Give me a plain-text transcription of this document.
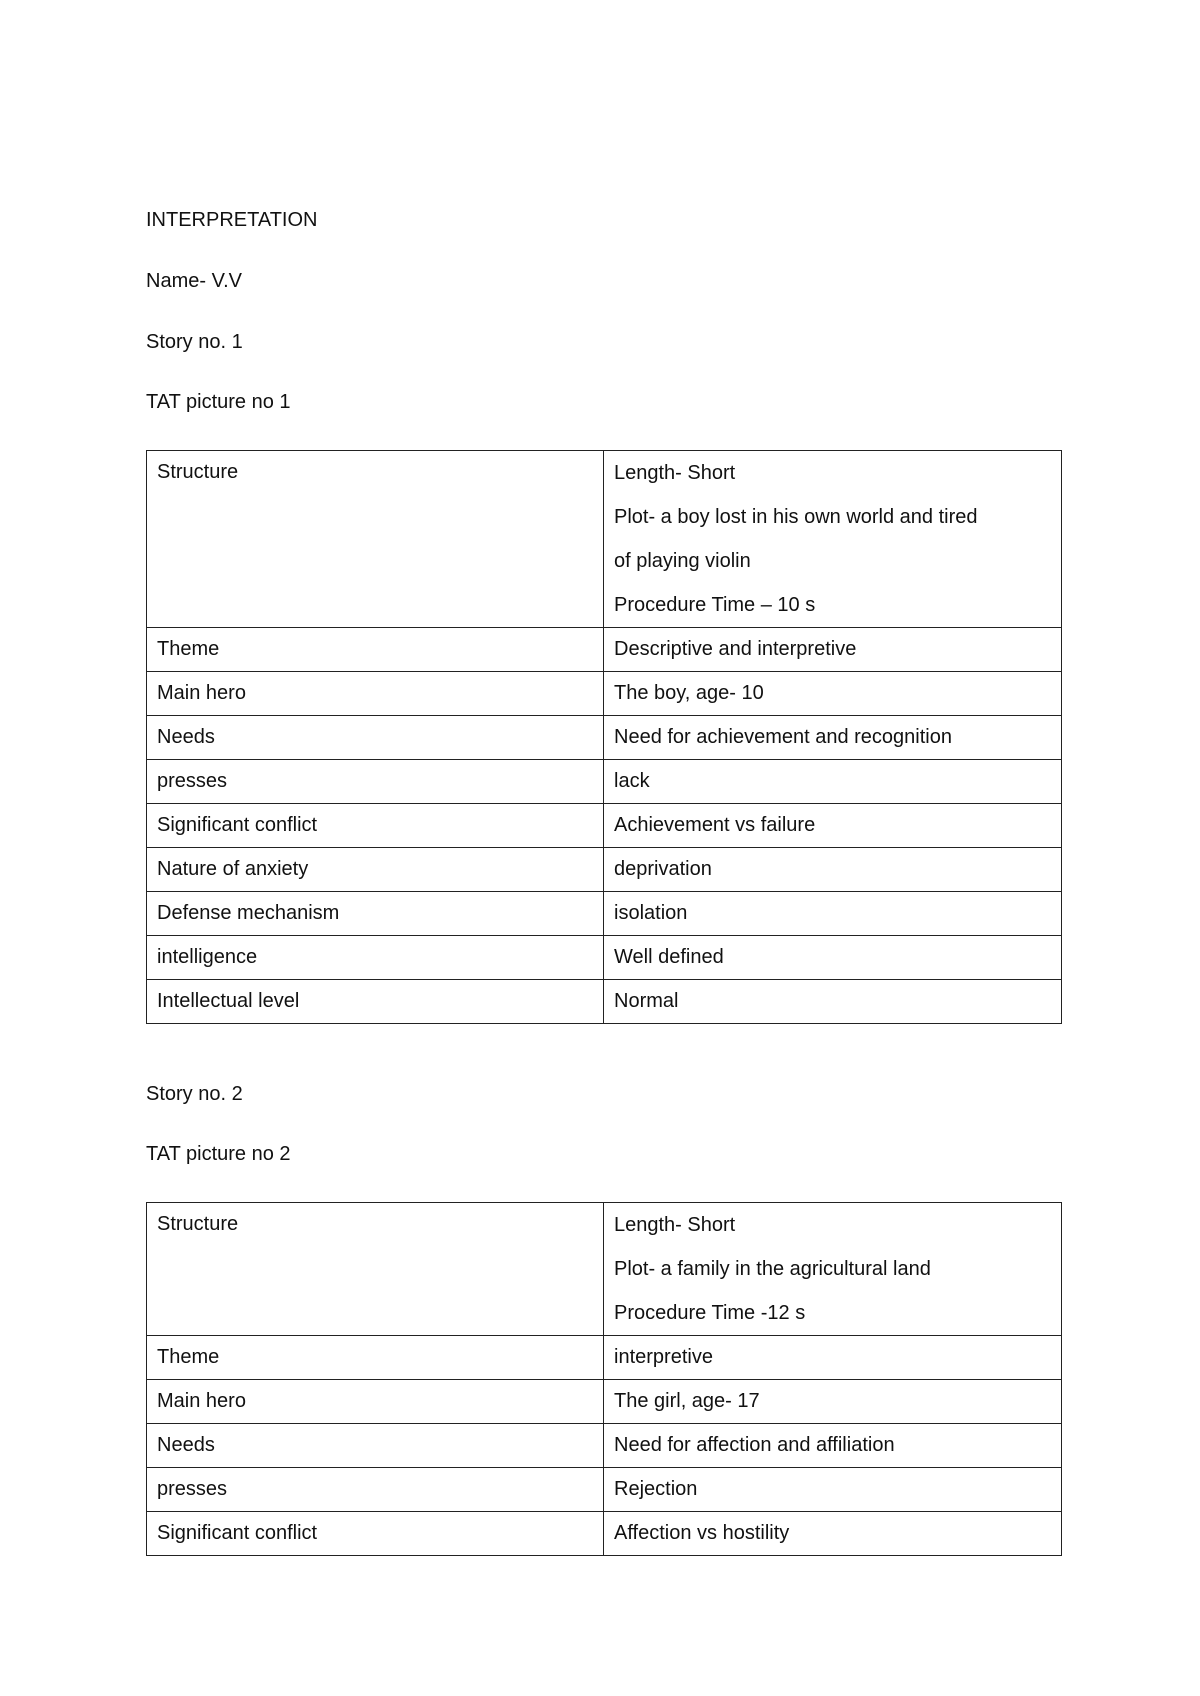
INTERPRETATION
Name- V.V
Story no. 1
TAT picture no 1
Structure	Length- Short
Plot- a boy lost in his own world and tired
of playing violin
Procedure Time – 10 s

Theme	Descriptive and interpretive
Main hero	The boy, age- 10
Needs	Need for achievement and recognition
presses	lack
Significant conflict	Achievement vs failure
Nature of anxiety	deprivation
Defense mechanism	isolation
intelligence	Well defined
Intellectual level	Normal
Story no. 2
TAT picture no 2
Structure	Length- Short
Plot- a family in the agricultural land
Procedure Time -12 s

Theme	interpretive
Main hero	The girl, age- 17
Needs	Need for affection and affiliation
presses	Rejection
Significant conflict	Affection vs hostility
